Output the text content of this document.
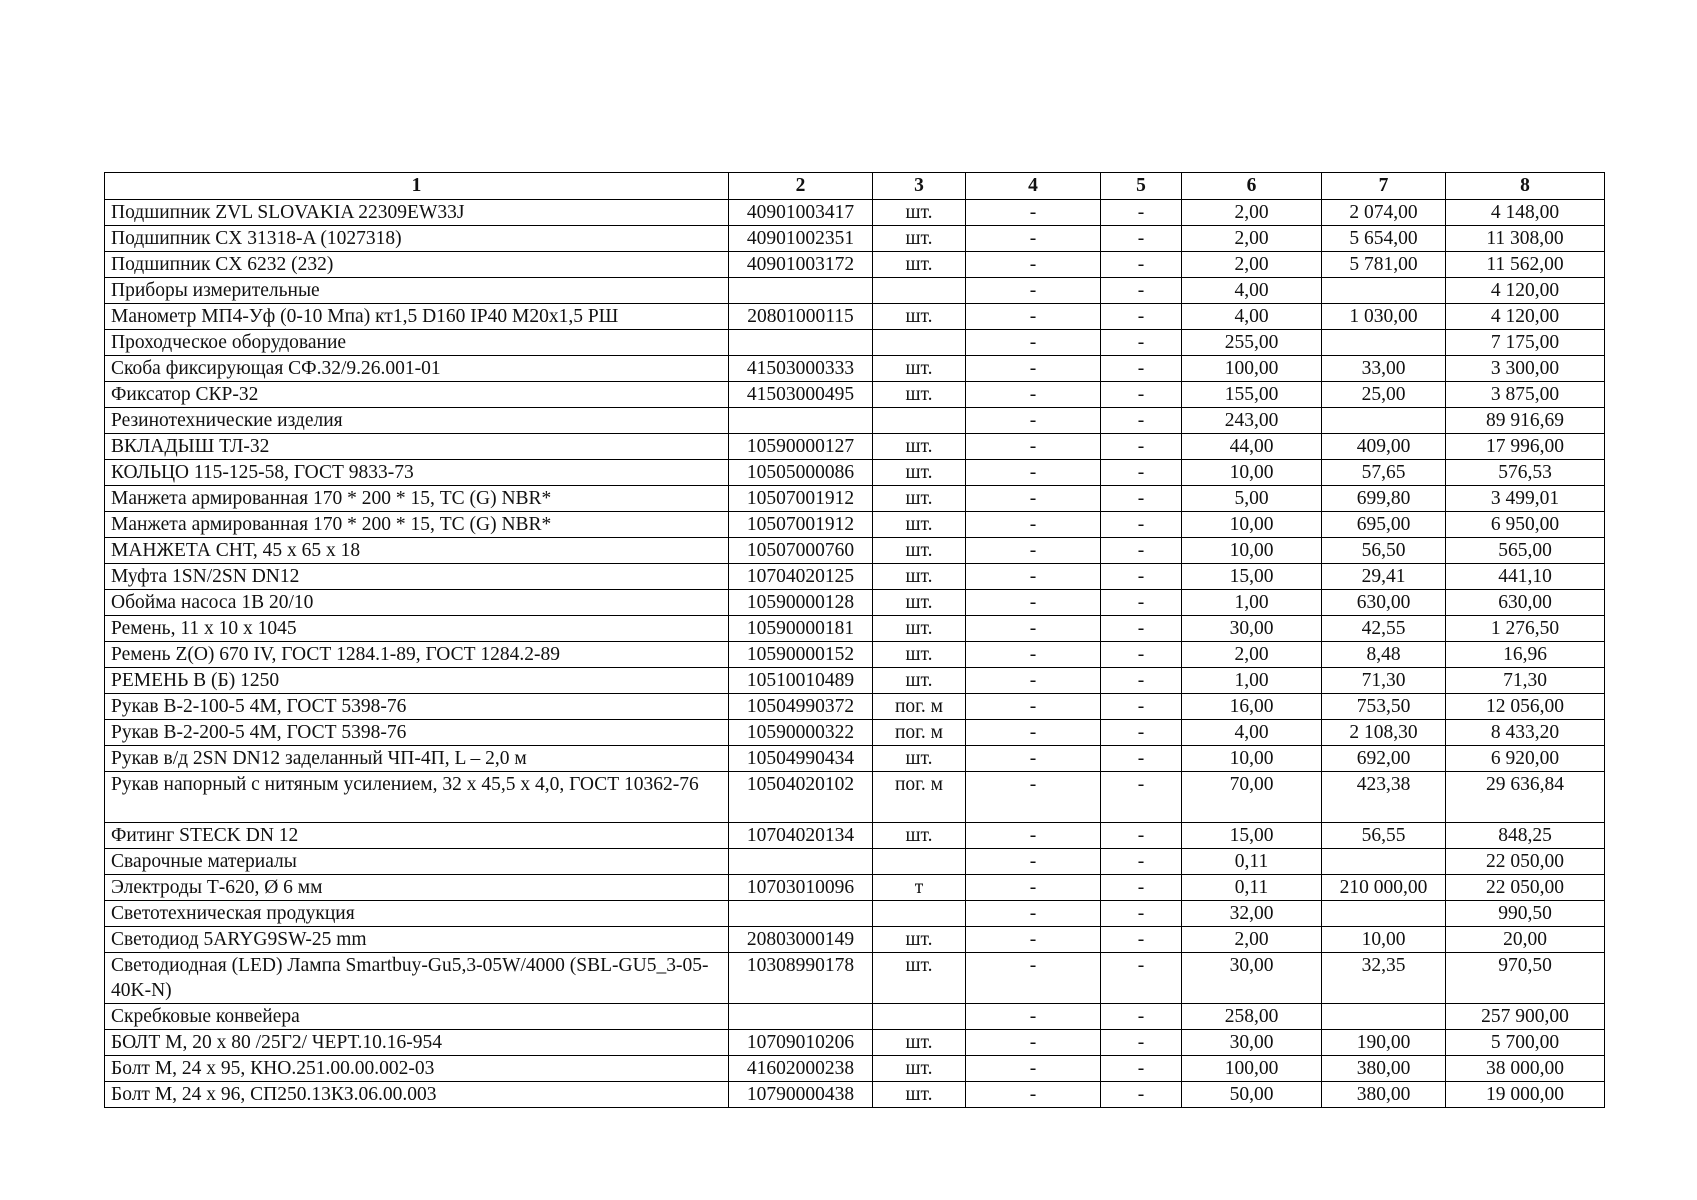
1	2	3	4	5	6	7	8
Подшипник ZVL SLOVAKIA 22309EW33J	40901003417	шт.	-	-	2,00	2 074,00	4 148,00
Подшипник CX 31318-A (1027318)	40901002351	шт.	-	-	2,00	5 654,00	11 308,00
Подшипник CX 6232 (232)	40901003172	шт.	-	-	2,00	5 781,00	11 562,00
Приборы измерительные			-	-	4,00		4 120,00
Манометр МП4-Уф (0-10 Мпа) кт1,5 D160 IP40 M20x1,5 РШ	20801000115	шт.	-	-	4,00	1 030,00	4 120,00
Проходческое оборудование			-	-	255,00		7 175,00
Скоба фиксирующая СФ.32/9.26.001-01	41503000333	шт.	-	-	100,00	33,00	3 300,00
Фиксатор СКР-32	41503000495	шт.	-	-	155,00	25,00	3 875,00
Резинотехнические изделия			-	-	243,00		89 916,69
ВКЛАДЫШ ТЛ-32	10590000127	шт.	-	-	44,00	409,00	17 996,00
КОЛЬЦО 115-125-58, ГОСТ 9833-73	10505000086	шт.	-	-	10,00	57,65	576,53
Манжета армированная 170 * 200 * 15, TC (G) NBR*	10507001912	шт.	-	-	5,00	699,80	3 499,01
Манжета армированная 170 * 200 * 15, TC (G) NBR*	10507001912	шт.	-	-	10,00	695,00	6 950,00
МАНЖЕТА СНТ, 45 х 65 х 18	10507000760	шт.	-	-	10,00	56,50	565,00
Муфта 1SN/2SN DN12	10704020125	шт.	-	-	15,00	29,41	441,10
Обойма насоса 1В 20/10	10590000128	шт.	-	-	1,00	630,00	630,00
Ремень, 11 х 10 х 1045	10590000181	шт.	-	-	30,00	42,55	1 276,50
Ремень Z(O) 670 IV, ГОСТ 1284.1-89, ГОСТ 1284.2-89	10590000152	шт.	-	-	2,00	8,48	16,96
РЕМЕНЬ В (Б) 1250	10510010489	шт.	-	-	1,00	71,30	71,30
Рукав В-2-100-5 4М, ГОСТ 5398-76	10504990372	пог. м	-	-	16,00	753,50	12 056,00
Рукав В-2-200-5 4М, ГОСТ 5398-76	10590000322	пог. м	-	-	4,00	2 108,30	8 433,20
Рукав в/д 2SN DN12 заделанный ЧП-4П, L – 2,0 м	10504990434	шт.	-	-	10,00	692,00	6 920,00
Рукав напорный с нитяным усилением, 32 х 45,5 х 4,0, ГОСТ 10362-76	10504020102	пог. м	-	-	70,00	423,38	29 636,84
Фитинг STECK DN 12	10704020134	шт.	-	-	15,00	56,55	848,25
Сварочные материалы			-	-	0,11		22 050,00
Электроды Т-620, Ø 6 мм	10703010096	т	-	-	0,11	210 000,00	22 050,00
Светотехническая продукция			-	-	32,00		990,50
Светодиод 5ARYG9SW-25 mm	20803000149	шт.	-	-	2,00	10,00	20,00
Светодиодная (LED) Лампа Smartbuy-Gu5,3-05W/4000 (SBL-GU5_3-05-40K-N)	10308990178	шт.	-	-	30,00	32,35	970,50
Скребковые конвейера			-	-	258,00		257 900,00
БОЛТ М, 20 х 80 /25Г2/ ЧЕРТ.10.16-954	10709010206	шт.	-	-	30,00	190,00	5 700,00
Болт М, 24 х 95, КНО.251.00.00.002-03	41602000238	шт.	-	-	100,00	380,00	38 000,00
Болт М, 24 х 96, СП250.13КЗ.06.00.003	10790000438	шт.	-	-	50,00	380,00	19 000,00
